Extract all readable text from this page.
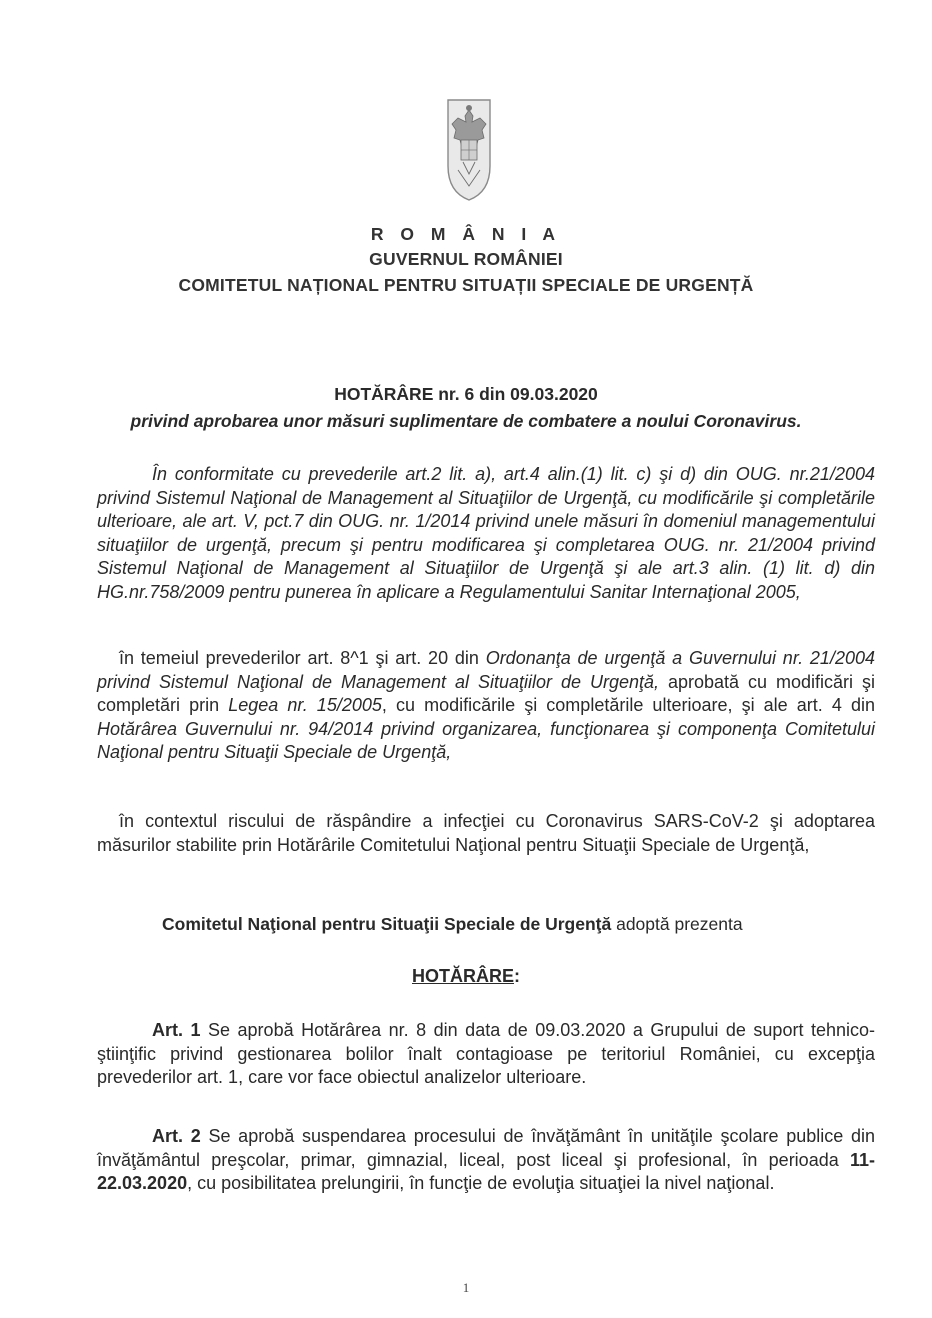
R O M Â N I A
GUVERNUL ROMÂNIEI
COMITETUL NAȚIONAL PENTRU SITUAȚII SPECIALE DE URGENȚĂ
HOTĂRÂRE nr. 6 din 09.03.2020
privind aprobarea unor măsuri suplimentare de combatere a noului Coronavirus.

În conformitate cu prevederile art.2 lit. a), art.4 alin.(1) lit. c) şi d) din OUG. nr.21/2004 privind Sistemul Naţional de Management al Situaţiilor de Urgenţă, cu modificările şi completările ulterioare, ale art. V, pct.7 din OUG. nr. 1/2014 privind unele măsuri în domeniul managementului situaţiilor de urgenţă, precum şi pentru modificarea şi completarea OUG. nr. 21/2004 privind Sistemul Naţional de Management al Situaţiilor de Urgenţă şi ale art.3 alin. (1) lit. d) din HG.nr.758/2009 pentru punerea în aplicare a Regulamentului Sanitar Internaţional 2005,

în temeiul prevederilor art. 8^1 şi art. 20 din Ordonanţa de urgenţă a Guvernului nr. 21/2004 privind Sistemul Naţional de Management al Situaţiilor de Urgenţă, aprobată cu modificări şi completări prin Legea nr. 15/2005, cu modificările şi completările ulterioare, şi ale art. 4 din Hotărârea Guvernului nr. 94/2014 privind organizarea, funcţionarea şi componenţa Comitetului Naţional pentru Situaţii Speciale de Urgenţă,

în contextul riscului de răspândire a infecţiei cu Coronavirus SARS-CoV-2 şi adoptarea măsurilor stabilite prin Hotărârile Comitetului Naţional pentru Situaţii Speciale de Urgenţă,

Comitetul Naţional pentru Situaţii Speciale de Urgenţă adoptă prezenta
HOTĂRÂRE:

Art. 1 Se aprobă Hotărârea nr. 8 din data de 09.03.2020 a Grupului de suport tehnico-ştiinţific privind gestionarea bolilor înalt contagioase pe teritoriul României, cu excepţia prevederilor art. 1, care vor face obiectul analizelor ulterioare.

Art. 2 Se aprobă suspendarea procesului de învăţământ în unităţile şcolare publice din învăţământul preşcolar, primar, gimnazial, liceal, post liceal şi profesional, în perioada 11-22.03.2020, cu posibilitatea prelungirii, în funcţie de evoluţia situaţiei la nivel naţional.

1
